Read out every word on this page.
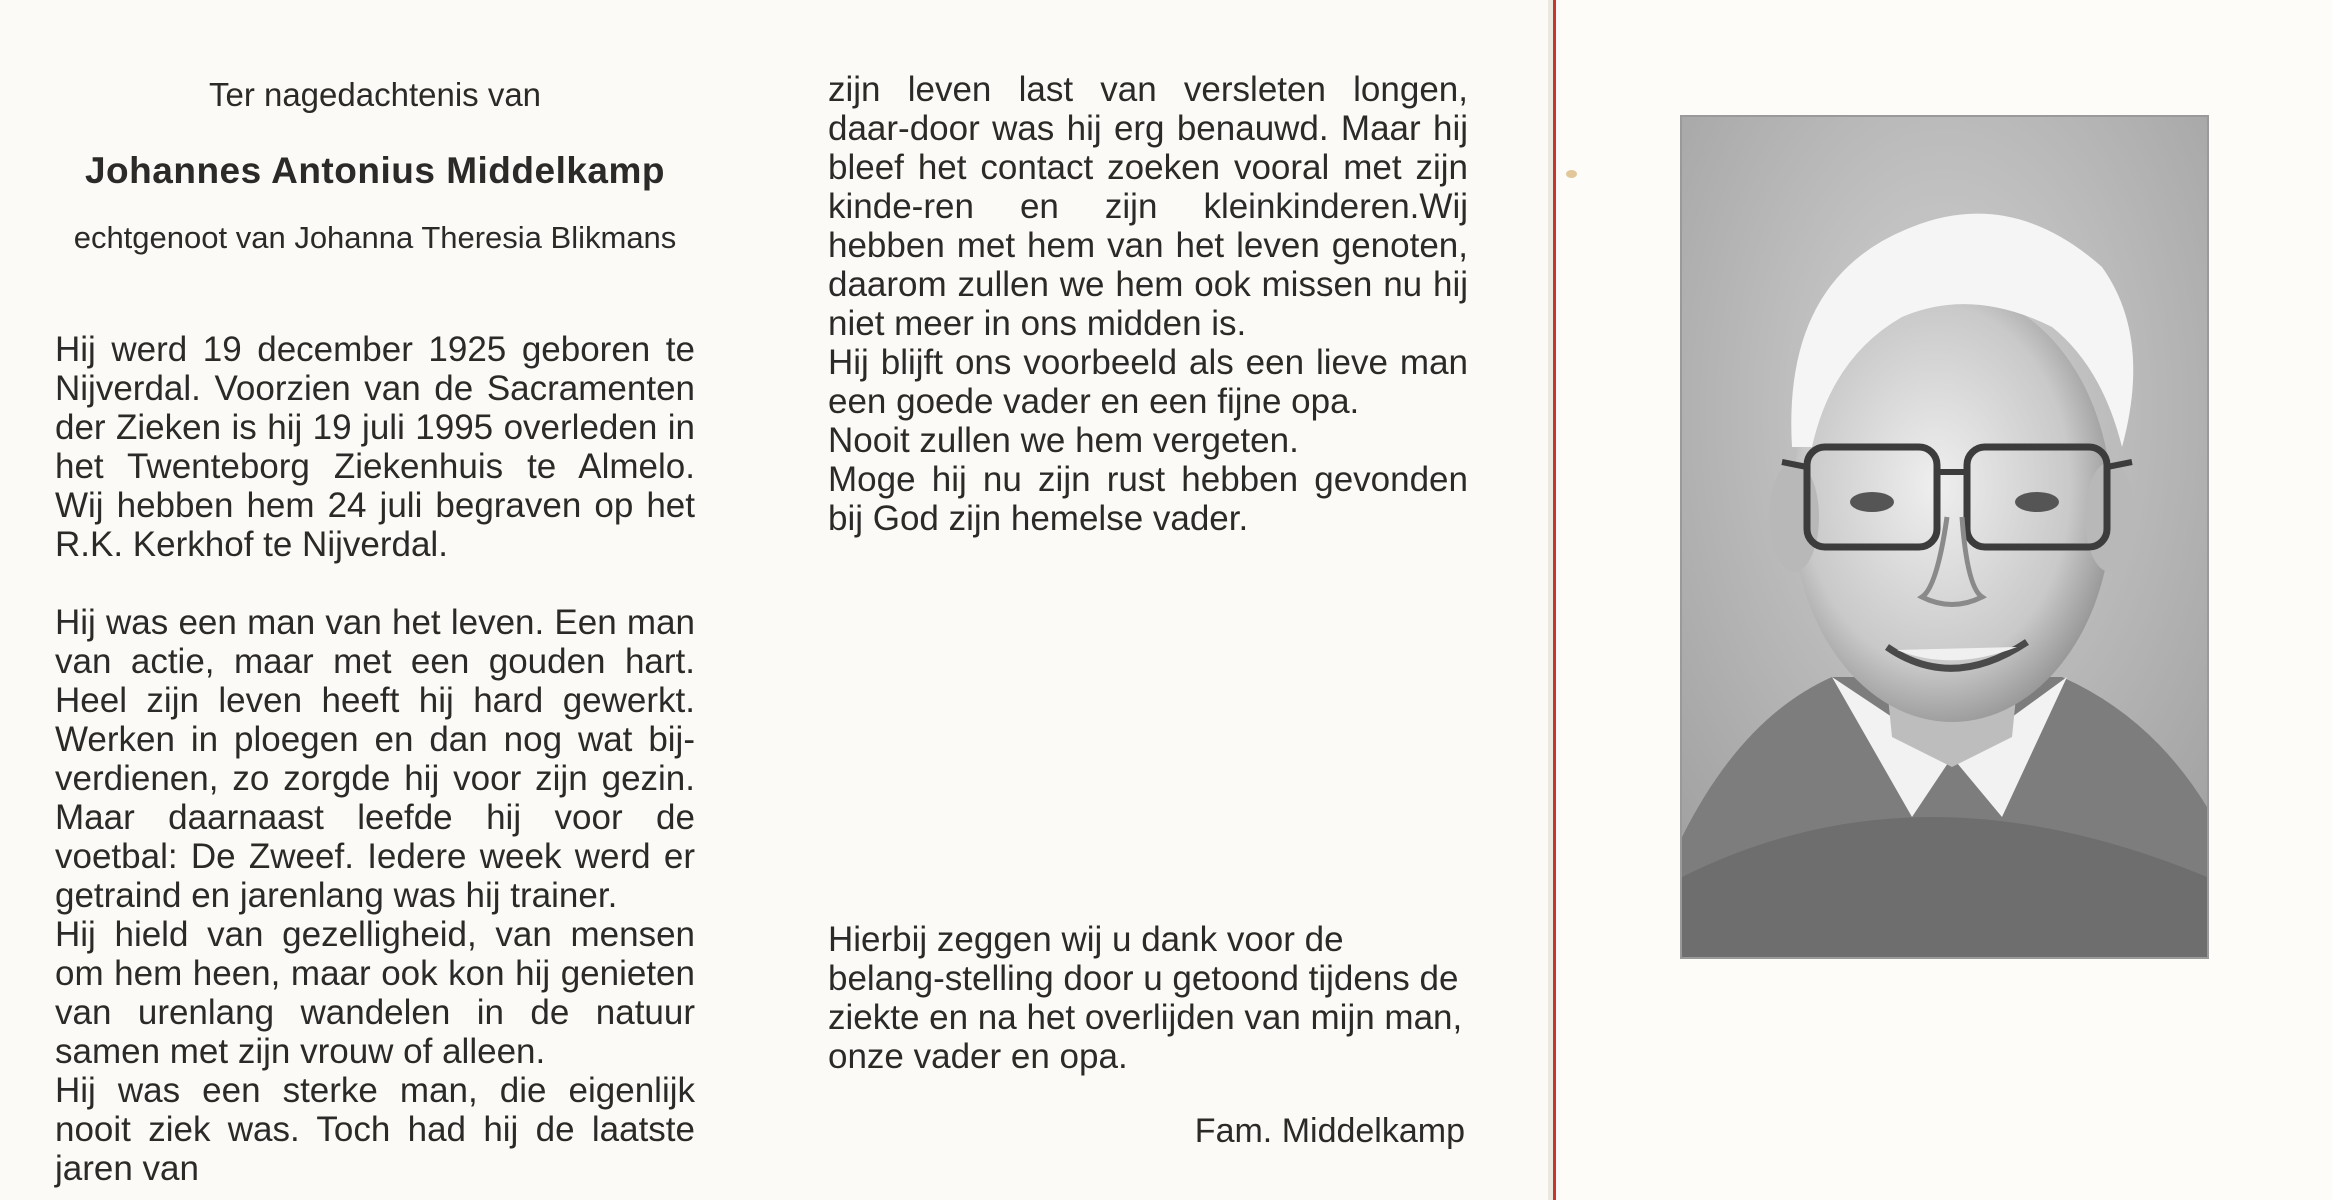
Ter nagedachtenis van
Johannes Antonius Middelkamp
echtgenoot van Johanna Theresia Blikmans

Hij werd 19 december 1925 geboren te Nijverdal. Voorzien van de Sacramenten der Zieken is hij 19 juli 1995 overleden in het Twenteborg Ziekenhuis te Almelo. Wij hebben hem 24 juli begraven op het R.K. Kerkhof te Nijverdal.

Hij was een man van het leven. Een man van actie, maar met een gouden hart. Heel zijn leven heeft hij hard gewerkt. Werken in ploegen en dan nog wat bij-verdienen, zo zorgde hij voor zijn gezin. Maar daarnaast leefde hij voor de voetbal: De Zweef. Iedere week werd er getraind en jarenlang was hij trainer.

Hij hield van gezelligheid, van mensen om hem heen, maar ook kon hij genieten van urenlang wandelen in de natuur samen met zijn vrouw of alleen.

Hij was een sterke man, die eigenlijk nooit ziek was. Toch had hij de laatste jaren van

zijn leven last van versleten longen, daar-door was hij erg benauwd. Maar hij bleef het contact zoeken vooral met zijn kinde-ren en zijn kleinkinderen.Wij hebben met hem van het leven genoten, daarom zullen we hem ook missen nu hij niet meer in ons midden is.

Hij blijft ons voorbeeld als een lieve man een goede vader en een fijne opa.

Nooit zullen we hem vergeten.

Moge hij nu zijn rust hebben gevonden bij God zijn hemelse vader.

Hierbij zeggen wij u dank voor de belang-stelling door u getoond tijdens de ziekte en na het overlijden van mijn man, onze vader en opa.
Fam. Middelkamp
